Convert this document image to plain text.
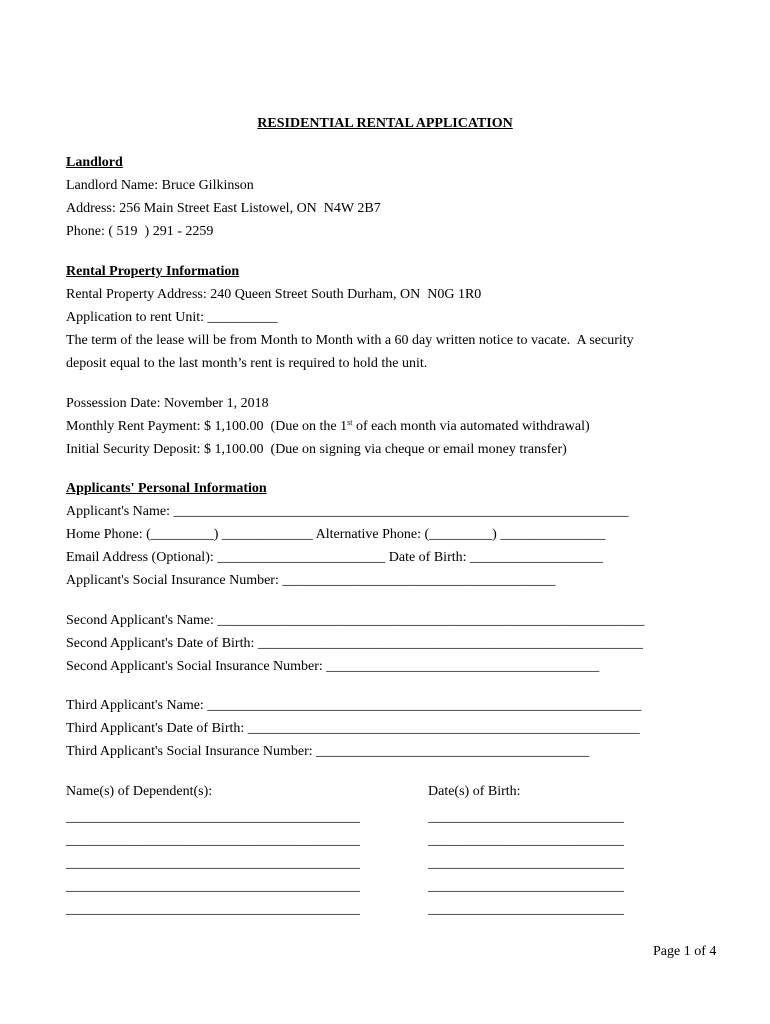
RESIDENTIAL RENTAL APPLICATION
Landlord
Landlord Name: Bruce Gilkinson
Address: 256 Main Street East Listowel, ON  N4W 2B7
Phone: ( 519  ) 291 - 2259
Rental Property Information
Rental Property Address: 240 Queen Street South Durham, ON  N0G 1R0
Application to rent Unit: __________
The term of the lease will be from Month to Month with a 60 day written notice to vacate.  A security
deposit equal to the last month’s rent is required to hold the unit.
Possession Date: November 1, 2018
Monthly Rent Payment: $ 1,100.00  (Due on the 1st of each month via automated withdrawal)
Initial Security Deposit: $ 1,100.00  (Due on signing via cheque or email money transfer)
Applicants' Personal Information
Applicant's Name: _________________________________________________________________
Home Phone: (_________) _____________ Alternative Phone: (_________) _______________
Email Address (Optional): ________________________ Date of Birth: ___________________
Applicant's Social Insurance Number: _______________________________________
Second Applicant's Name: _____________________________________________________________
Second Applicant's Date of Birth: _______________________________________________________
Second Applicant's Social Insurance Number: _______________________________________
Third Applicant's Name: ______________________________________________________________
Third Applicant's Date of Birth: ________________________________________________________
Third Applicant's Social Insurance Number: _______________________________________
Name(s) of Dependent(s):	Date(s) of Birth:
__________________________________________	____________________________
__________________________________________	____________________________
__________________________________________	____________________________
__________________________________________	____________________________
__________________________________________	____________________________
Page 1 of 4
